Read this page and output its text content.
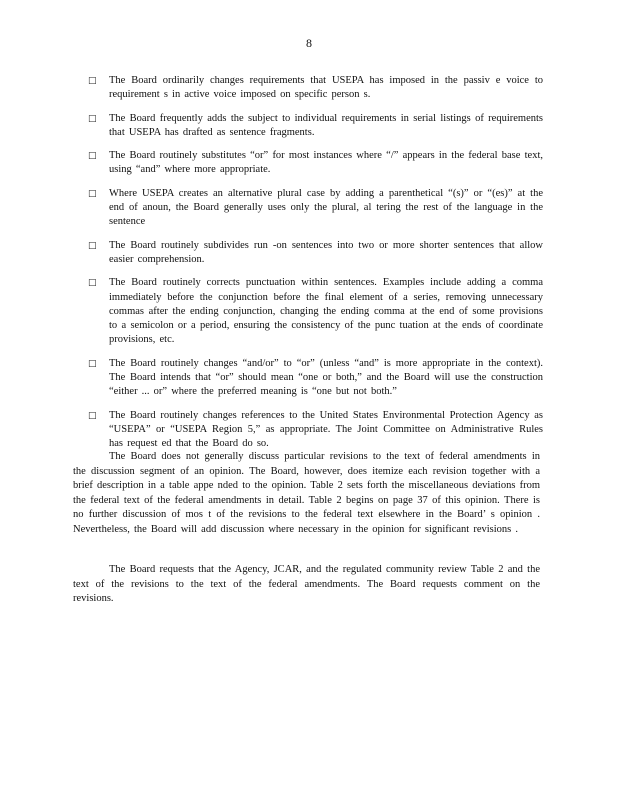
8
□	The Board ordinarily changes requirements that USEPA has imposed in the passiv e voice to requirement s in active voice imposed on specific person s.
□	The Board frequently adds the subject to individual requirements in serial listings of requirements that USEPA has drafted as sentence fragments.
□	The Board routinely substitutes “or” for most instances where “/” appears in the federal base text, using “and” where more appropriate.
□	Where USEPA creates an alternative plural case by adding a parenthetical “(s)” or “(es)” at the end of anoun, the Board generally uses only the plural, al tering the rest of the language in the sentence
□	The Board routinely subdivides run -on sentences into two or more shorter sentences that allow easier comprehension.
□	The Board routinely corrects punctuation within sentences. Examples include adding a comma immediately before the conjunction before the final element of a series, removing unnecessary commas after the ending conjunction, changing the ending comma at the end of some provisions to a semicolon or a period, ensuring the consistency of the punc tuation at the ends of coordinate provisions, etc.
□	The Board routinely changes “and/or” to “or” (unless “and” is more appropriate in the context). The Board intends that “or” should mean “one or both,” and the Board will use the construction “either ... or” where the preferred meaning is “one but not both.”
□	The Board routinely changes references to the United States Environmental Protection Agency as “USEPA” or “USEPA Region 5,” as appropriate. The Joint Committee on Administrative Rules has request ed that the Board do so.

The Board does not generally discuss particular revisions to the text of federal amendments in the discussion segment of an opinion. The Board, however, does itemize each revision together with a brief description in a table appe nded to the opinion. Table 2 sets forth the miscellaneous deviations from the federal text of the federal amendments in detail. Table 2 begins on page 37 of this opinion. There is no further discussion of mos t of the revisions to the federal text elsewhere in the Board’ s opinion . Nevertheless, the Board will add discussion where necessary in the opinion for significant revisions .

The Board requests that the Agency, JCAR, and the regulated community review Table 2 and the text of the revisions to the text of the federal amendments. The Board requests comment on the revisions.
